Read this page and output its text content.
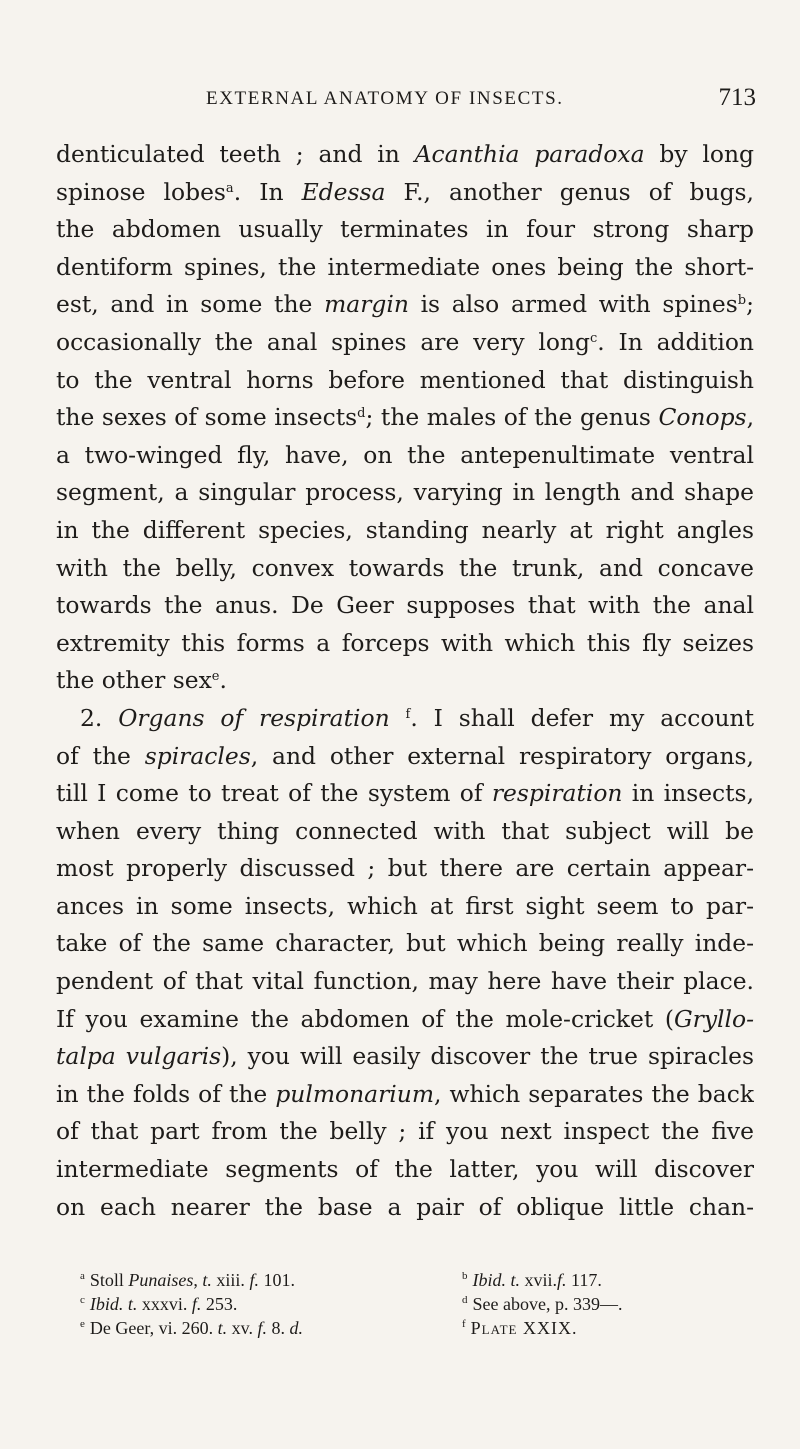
EXTERNAL ANATOMY OF INSECTS.	713
denticulated teeth ; and in Acanthia paradoxa by long
spinose lobes$^a$. In Edessa F., another genus of bugs,
the abdomen usually terminates in four strong sharp
dentiform spines, the intermediate ones being the short-
est, and in some the margin is also armed with spines$^b$;
occasionally the anal spines are very long$^c$. In addition
to the ventral horns before mentioned that distinguish
the sexes of some insects$^d$; the males of the genus Conops,
a two-winged fly, have, on the antepenultimate ventral
segment, a singular process, varying in length and shape
in the different species, standing nearly at right angles
with the belly, convex towards the trunk, and concave
towards the anus. De Geer supposes that with the anal
extremity this forms a forceps with which this fly seizes
the other sex$^e$.
2. Organs of respiration $^f$. I shall defer my account
of the spiracles, and other external respiratory organs,
till I come to treat of the system of respiration in insects,
when every thing connected with that subject will be
most properly discussed ; but there are certain appear-
ances in some insects, which at first sight seem to par-
take of the same character, but which being really inde-
pendent of that vital function, may here have their place.
If you examine the abdomen of the mole-cricket (Gryllo-
talpa vulgaris), you will easily discover the true spiracles
in the folds of the pulmonarium, which separates the back
of that part from the belly ; if you next inspect the five
intermediate segments of the latter, you will discover
on each nearer the base a pair of oblique little chan-
$^a$ Stoll Punaises, t. xiii. f. 101.	$^b$ Ibid. t. xvii.f. 117.
$^c$ Ibid. t. xxxvi. f. 253.	$^d$ See above, p. 339—.
$^e$ De Geer, vi. 260. t. xv. f. 8. d.	$^f$ Plate XXIX.
